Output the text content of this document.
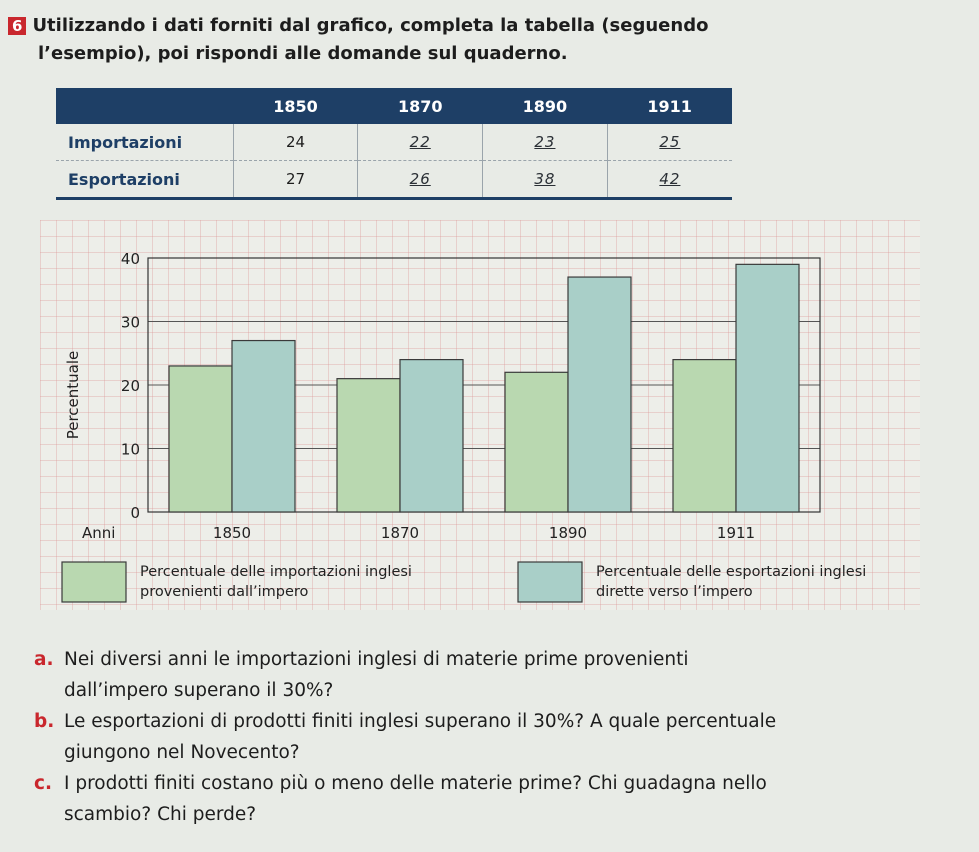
6 Utilizzando i dati forniti dal grafico, completa la tabella (seguendo
l’esempio), poi rispondi alle domande sul quaderno.
	1850	1870	1890	1911
Importazioni	24	22	23	25
Esportazioni	27	26	38	42
0
10
20
30
40
1850	1870	1890	1911
Anni
Percentuale
Percentuale delle importazioni inglesi
provenienti dall’impero
Percentuale delle esportazioni inglesi
dirette verso l’impero
a. Nei diversi anni le importazioni inglesi di materie prime provenienti
dall’impero superano il 30%?
b. Le esportazioni di prodotti finiti inglesi superano il 30%? A quale percentuale
giungono nel Novecento?
c. I prodotti finiti costano più o meno delle materie prime? Chi guadagna nello
scambio? Chi perde?
